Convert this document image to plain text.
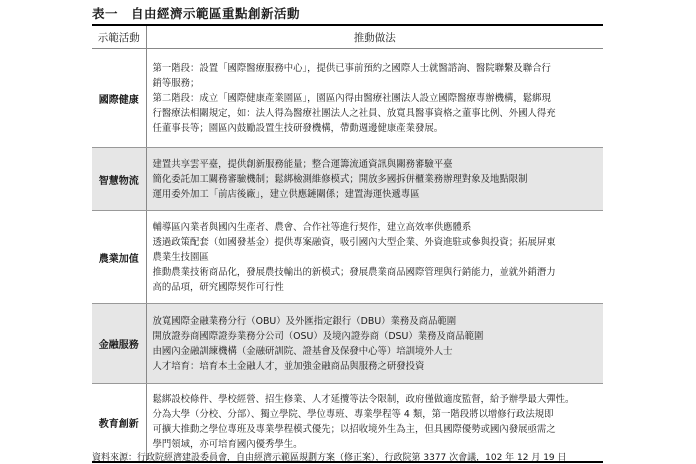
表一　自由經濟示範區重點創新活動
示範活動	推動做法
國際健康	第一階段：設置「國際醫療服務中心」，提供已事前預約之國際人士就醫諮詢、醫院聯繫及聯合行
銷等服務；
第二階段：成立「國際健康產業園區」，園區內得由醫療社團法人設立國際醫療專辦機構，鬆綁現
行醫療法相關規定，如：法人得為醫療社團法人之社員、放寬具醫事資格之董事比例、外國人得充
任董事長等；園區內鼓勵設置生技研發機構，帶動週邊健康產業發展。

智慧物流	建置共享雲平臺，提供創新服務能量；整合運籌流通資訊與關務審驗平臺
簡化委託加工關務審驗機制；鬆綁檢測維修模式；開放多國拆併櫃業務辦理對象及地點限制
運用委外加工「前店後廠」，建立供應鏈關係；建置海運快遞專區

農業加值	輔導區內業者與國內生產者、農會、合作社等進行契作，建立高效率供應體系
透過政策配套（如國發基金）提供專案融資，吸引國內大型企業、外資進駐或參與投資；拓展屏東
農業生技園區
推動農業技術商品化，發展農技輸出的新模式；發展農業商品國際管理與行銷能力，並就外銷潛力
高的品項，研究國際契作可行性

金融服務	放寬國際金融業務分行（OBU）及外匯指定銀行（DBU）業務及商品範圍
開放證券商國際證券業務分公司（OSU）及境內證券商（DSU）業務及商品範圍
由國內金融訓練機構（金融研訓院、證基會及保發中心等）培訓境外人士
人才培育：培育本土金融人才，並加強金融商品與服務之研發投資

教育創新	鬆綁設校條件、學校經營、招生修業、人才延攬等法令限制，政府僅做適度監督，給予辦學最大彈性。
分為大學（分校、分部）、獨立學院、學位專班、專業學程等 4 類，第一階段將以增修行政法規即
可擴大推動之學位專班及專業學程模式優先；以招收境外生為主，但具國際優勢或國內發展亟需之
學門領域，亦可培育國內優秀學生。
資料來源：行政院經濟建設委員會，自由經濟示範區規劃方案（修正案），行政院第 3377 次會議，102 年 12 月 19 日
